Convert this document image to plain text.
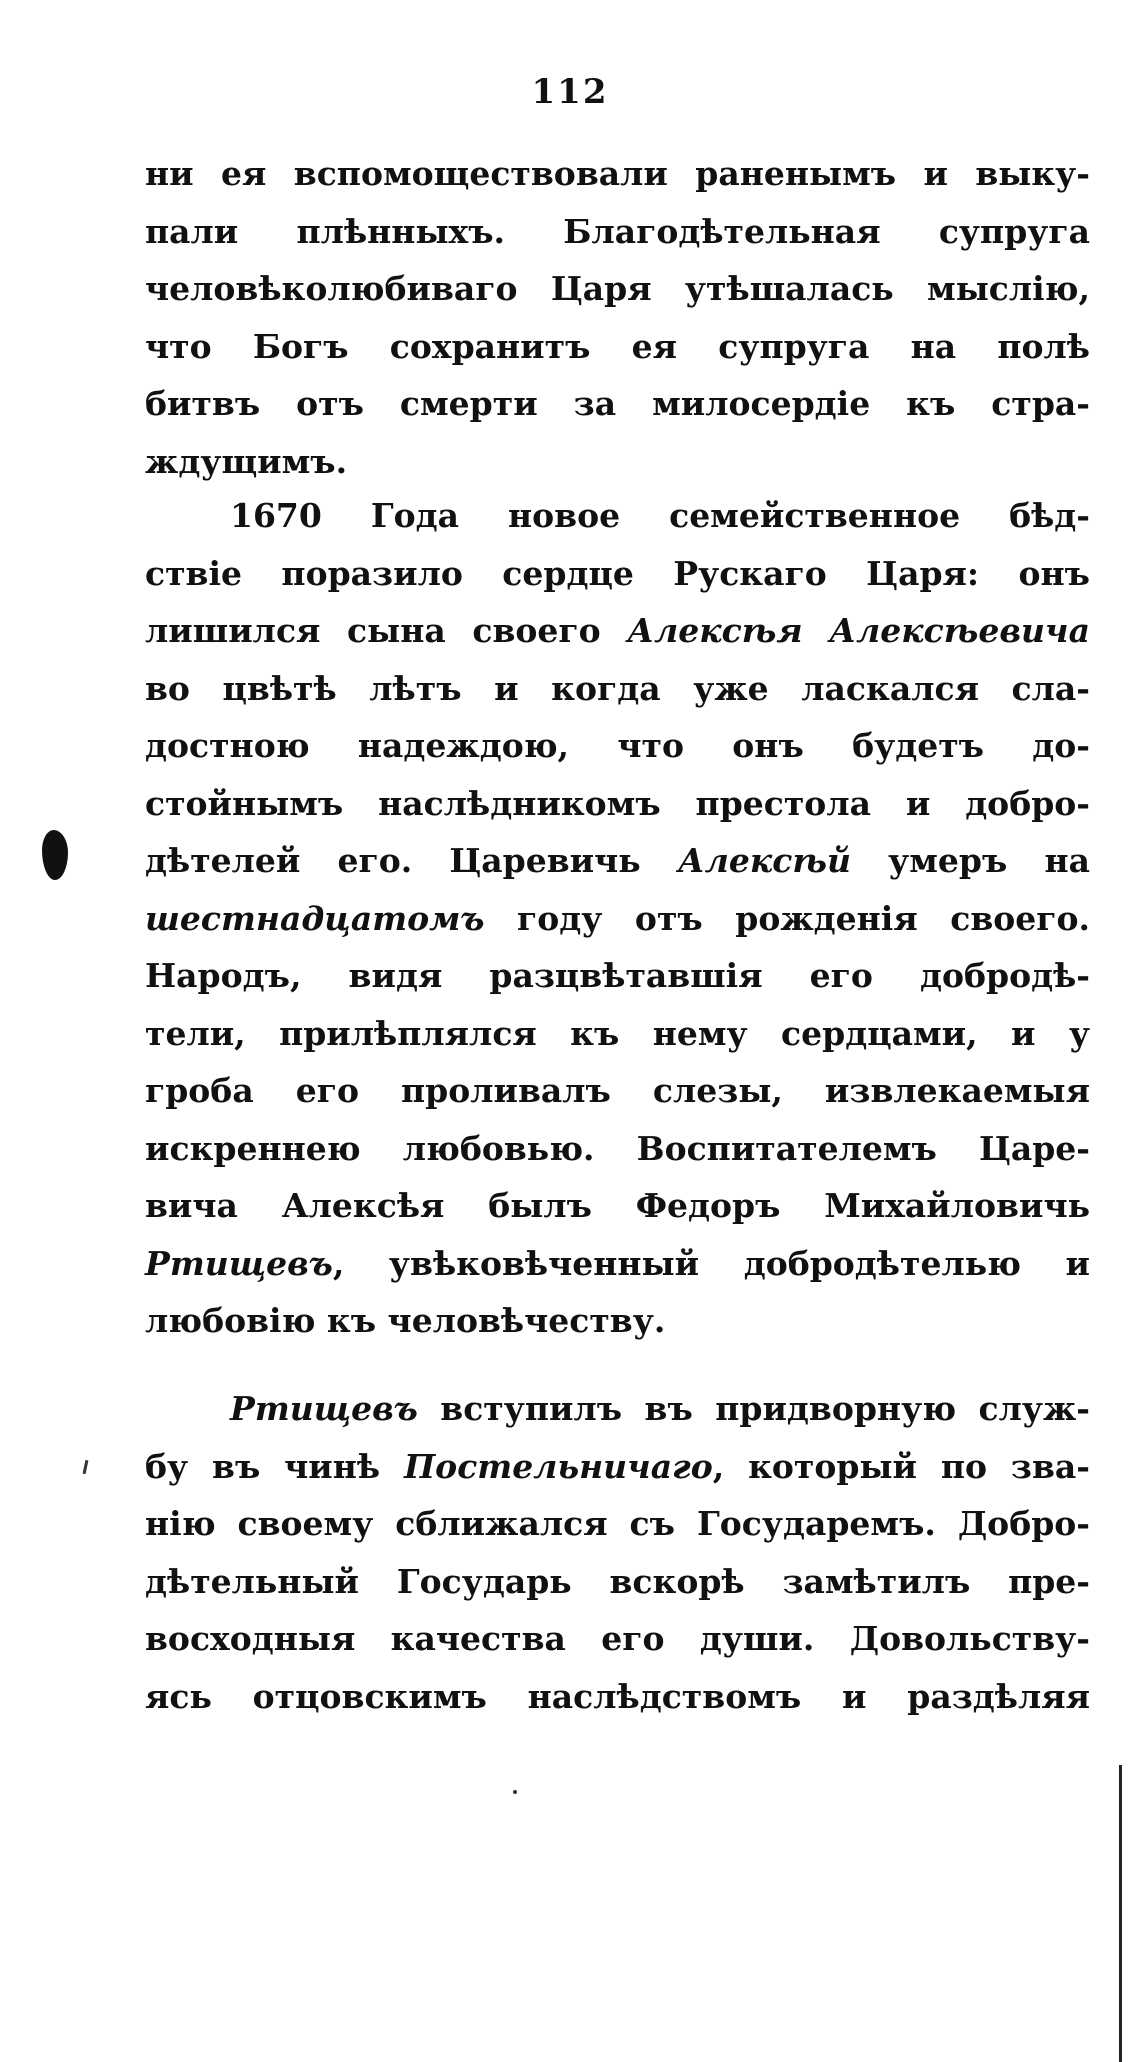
112
ни ея вспомоществовали раненымъ и выку-
пали плѣнныхъ. Благодѣтельная супруга
человѣколюбиваго Царя утѣшалась мыслію,
что Богъ сохранитъ ея супруга на полѣ
битвъ отъ смерти за милосердіе къ стра-
ждущимъ.
1670 Года новое семейственное бѣд-
ствіе поразило сердце Рускаго Царя: онъ
лишился сына своего Алексѣя Алексѣевича
во цвѣтѣ лѣтъ и когда уже ласкался сла-
достною надеждою, что онъ будетъ до-
стойнымъ наслѣдникомъ престола и добро-
дѣтелей его. Царевичь Алексѣй умеръ на
шестнадцатомъ году отъ рожденія своего.
Народъ, видя разцвѣтавшія его добродѣ-
тели, прилѣплялся къ нему сердцами, и у
гроба его проливалъ слезы, извлекаемыя
искреннею любовью. Воспитателемъ Царе-
вича Алексѣя былъ Федоръ Михайловичь
Ртищевъ, увѣковѣченный добродѣтелью и
любовію къ человѣчеству.
Ртищевъ вступилъ въ придворную служ-
бу въ чинѣ Постельничаго, который по зва-
нію своему сближался съ Государемъ. Добро-
дѣтельный Государь вскорѣ замѣтилъ пре-
восходныя качества его души. Довольству-
ясь отцовскимъ наслѣдствомъ и раздѣляя
